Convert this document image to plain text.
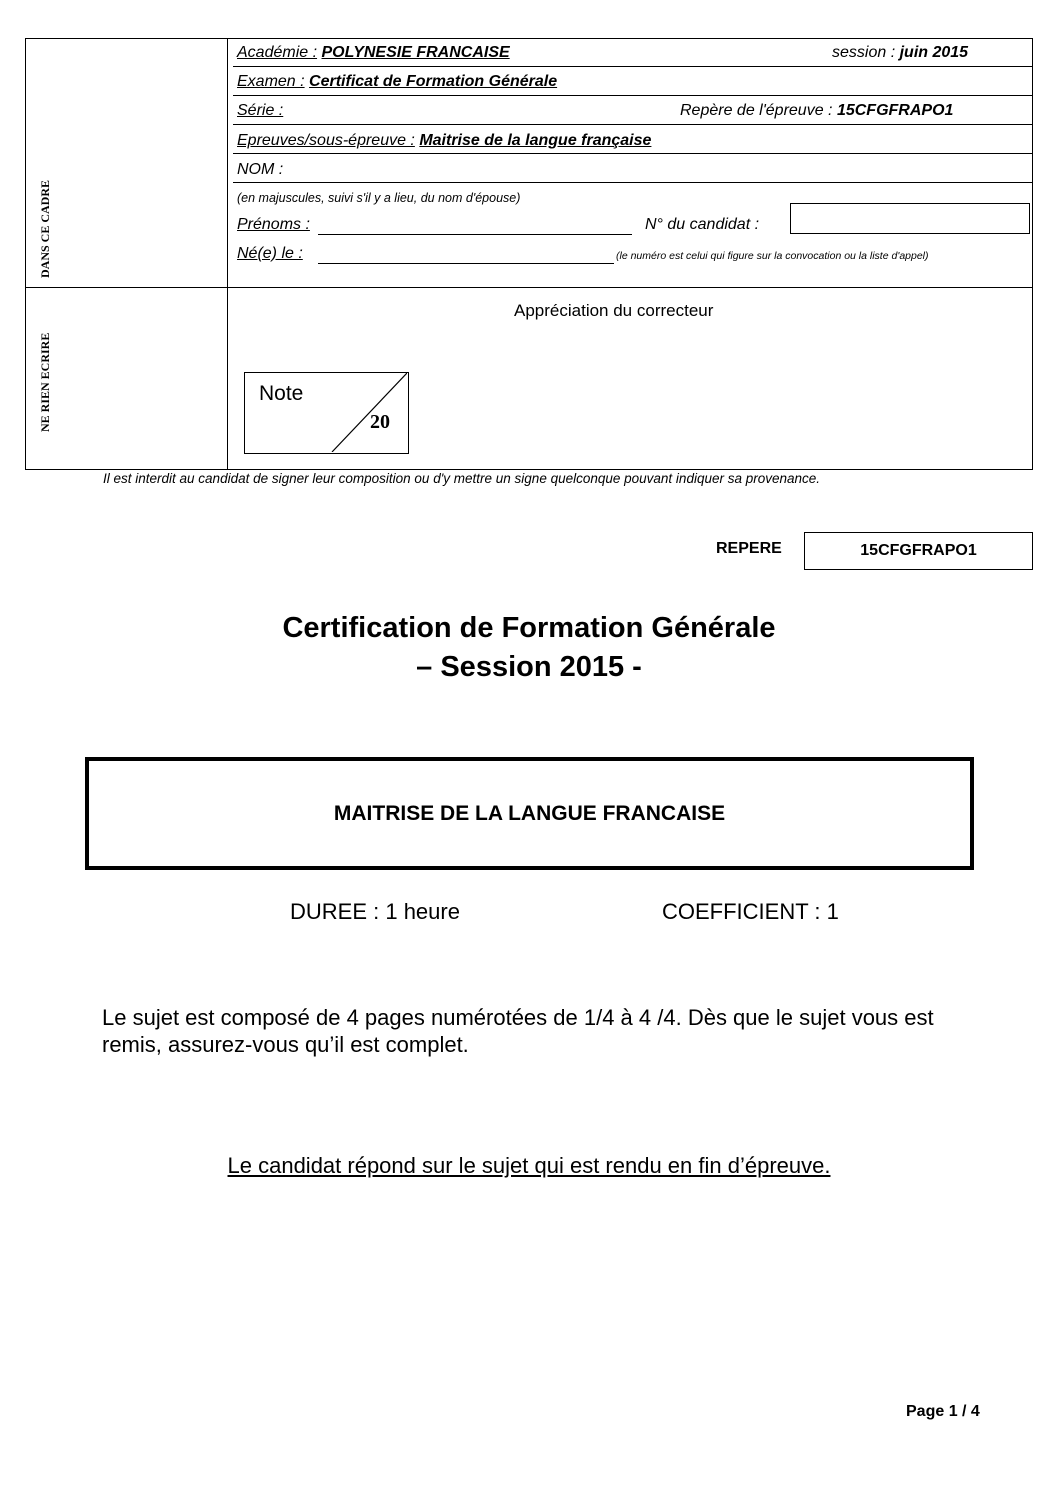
DANS CE CADRE
NE RIEN ECRIRE
Académie : POLYNESIE FRANCAISE	session : juin 2015
Examen : Certificat de Formation Générale
Série :	Repère de l'épreuve : 15CFGFRAPO1
Epreuves/sous-épreuve : Maitrise de la langue française
NOM :
(en majuscules, suivi s'il y a lieu, du nom d'épouse)
Prénoms :	N° du candidat :
Né(e) le :	(le numéro est celui qui figure sur la convocation ou la liste d'appel)
Appréciation du correcteur
Note
20
Il est interdit au candidat de signer leur composition ou d'y mettre un signe quelconque pouvant indiquer sa provenance.
REPERE	15CFGFRAPO1
Certification de Formation Générale
– Session 2015 -
MAITRISE DE LA LANGUE FRANCAISE
DUREE : 1 heure	COEFFICIENT : 1
Le sujet est composé de 4 pages numérotées de 1/4 à 4 /4. Dès que le sujet vous est remis, assurez-vous qu’il est complet.
Le candidat répond sur le sujet qui est rendu en fin d’épreuve.
Page 1 / 4
